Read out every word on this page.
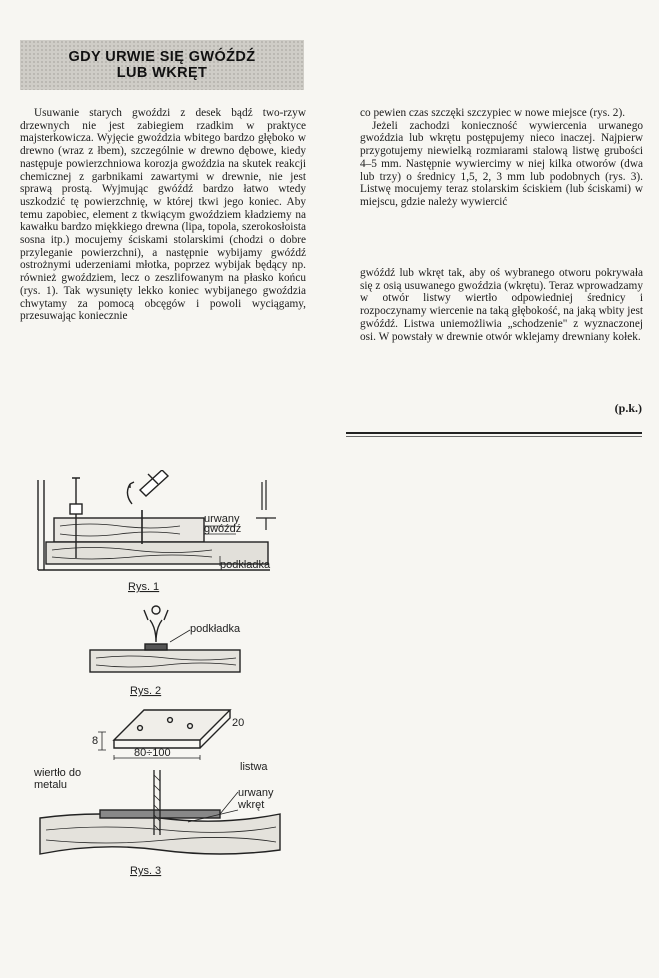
GDY URWIE SIĘ GWÓŹDŹ
LUB WKRĘT

Usuwanie starych gwoździ z desek bądź two-rzyw drzewnych nie jest zabiegiem rzadkim w praktyce majsterkowicza. Wyjęcie gwoździa wbitego bardzo głęboko w drewno (wraz z łbem), szczególnie w drewno dębowe, kiedy następuje powierzchniowa korozja gwoździa na skutek reakcji chemicznej z garbnikami zawartymi w drewnie, nie jest sprawą prostą. Wyjmując gwóźdź bardzo łatwo wtedy uszkodzić tę powierzchnię, w której tkwi jego koniec. Aby temu zapobiec, element z tkwiącym gwoździem kładziemy na kawałku bardzo miękkiego drewna (lipa, topola, szerokosłoista sosna itp.) mocujemy ściskami stolarskimi (chodzi o dobre przyleganie powierzchni), a następnie wybijamy gwóźdź ostrożnymi uderzeniami młotka, poprzez wybijak będący np. również gwoździem, lecz o zeszlifowanym na płasko końcu (rys. 1). Tak wysunięty lekko koniec wybijanego gwoździa chwytamy za pomocą obcęgów i powoli wyciągamy, przesuwając koniecznie

co pewien czas szczęki szczypiec w nowe miejsce (rys. 2).

Jeżeli zachodzi konieczność wywiercenia urwanego gwoździa lub wkrętu postępujemy nieco inaczej. Najpierw przygotujemy niewielką rozmiarami stalową listwę grubości 4–5 mm. Następnie wywiercimy w niej kilka otworów (dwa lub trzy) o średnicy 1,5, 2, 3 mm lub podobnych (rys. 3). Listwę mocujemy teraz stolarskim ściskiem (lub ściskami) w miejscu, gdzie należy wywiercić

gwóźdź lub wkręt tak, aby oś wybranego otworu pokrywała się z osią usuwanego gwoździa (wkrętu). Teraz wprowadzamy w otwór listwy wiertło odpowiedniej średnicy i rozpoczynamy wiercenie na taką głębokość, na jaką wbity jest gwóźdź. Listwa uniemożliwia „schodzenie" z wyznaczonej osi. W powstały w drewnie otwór wklejamy drewniany kołek.

(p.k.)
urwany
gwóźdź
podkładka
Rys. 1
podkładka
Rys. 2
80÷100
8
20
wiertło do
metalu
listwa
urwany
wkręt
Rys. 3
